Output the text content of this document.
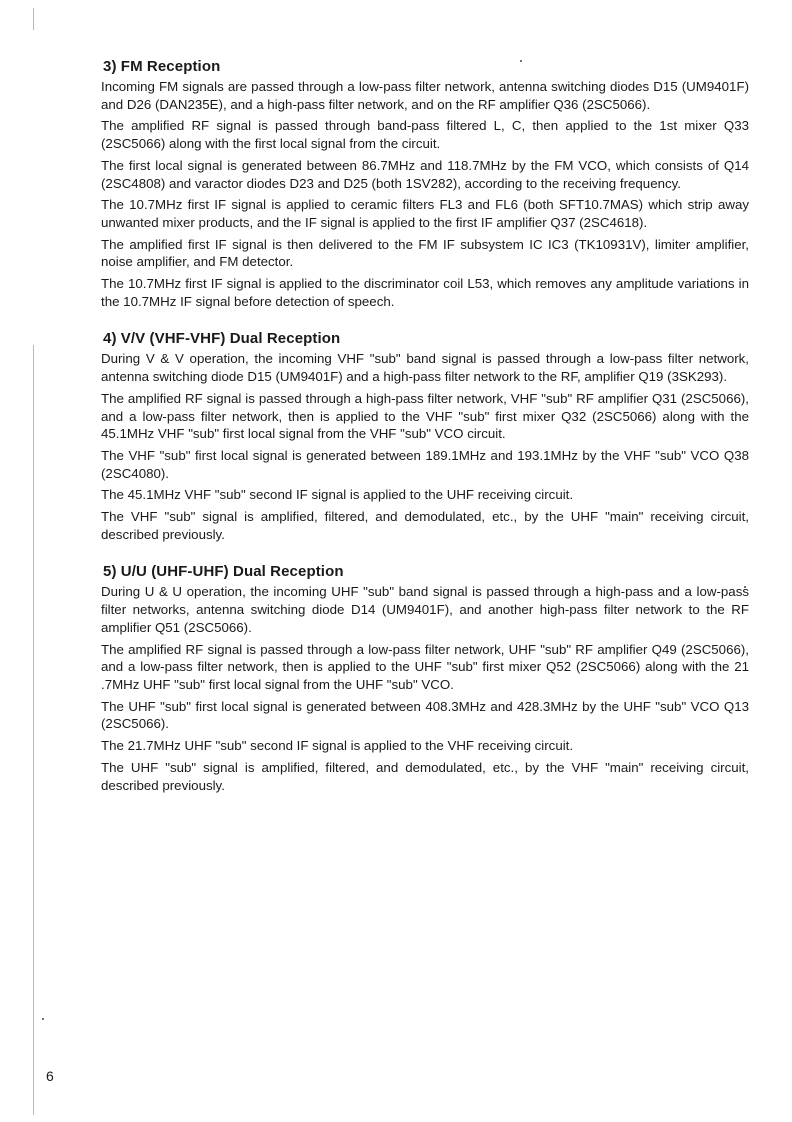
3) FM Reception

Incoming FM signals are passed through a low-pass filter network, antenna switching diodes D15 (UM9401F) and D26 (DAN235E), and a high-pass filter network, and on the RF amplifier Q36 (2SC5066).

The amplified RF signal is passed through band-pass filtered L, C, then applied to the 1st mixer Q33 (2SC5066) along with the first local signal from the circuit.

The first local signal is generated between 86.7MHz and 118.7MHz by the FM VCO, which consists of Q14 (2SC4808) and varactor diodes D23 and D25 (both 1SV282), according to the receiving frequency.

The 10.7MHz first IF signal is applied to ceramic filters FL3 and FL6 (both SFT10.7MAS) which strip away unwanted mixer products, and the IF signal is applied to the first IF amplifier Q37 (2SC4618).

The amplified first IF signal is then delivered to the FM IF subsystem IC IC3 (TK10931V), limiter amplifier, noise amplifier, and FM detector.

The 10.7MHz first IF signal is applied to the discriminator coil L53, which removes any amplitude variations in the 10.7MHz IF signal before detection of speech.

4) V/V (VHF-VHF) Dual Reception

During V & V operation, the incoming VHF "sub" band signal is passed through a low-pass filter network, antenna switching diode D15 (UM9401F) and a high-pass filter network to the RF, amplifier Q19 (3SK293).

The amplified RF signal is passed through a high-pass filter network, VHF "sub" RF amplifier Q31 (2SC5066), and a low-pass filter network, then is applied to the VHF "sub" first mixer Q32 (2SC5066) along with the 45.1MHz VHF "sub" first local signal from the VHF "sub" VCO circuit.

The VHF "sub" first local signal is generated between 189.1MHz and 193.1MHz by the VHF "sub" VCO Q38 (2SC4080).

The 45.1MHz VHF "sub" second IF signal is applied to the UHF receiving circuit.

The VHF "sub" signal is amplified, filtered, and demodulated, etc., by the UHF "main" receiving circuit, described previously.

5) U/U (UHF-UHF) Dual Reception

During U & U operation, the incoming UHF "sub" band signal is passed through a high-pass and a low-pass filter networks, antenna switching diode D14 (UM9401F), and another high-pass filter network to the RF amplifier Q51 (2SC5066).

The amplified RF signal is passed through a low-pass filter network, UHF "sub" RF amplifier Q49 (2SC5066), and a low-pass filter network, then is applied to the UHF "sub" first mixer Q52 (2SC5066) along with the 21 .7MHz UHF "sub" first local signal from the UHF "sub" VCO.

The UHF "sub" first local signal is generated between 408.3MHz and 428.3MHz by the UHF "sub" VCO Q13 (2SC5066).

The 21.7MHz UHF "sub" second IF signal is applied to the VHF receiving circuit.

The UHF "sub" signal is amplified, filtered, and demodulated, etc., by the VHF "main" receiving circuit, described previously.

6
